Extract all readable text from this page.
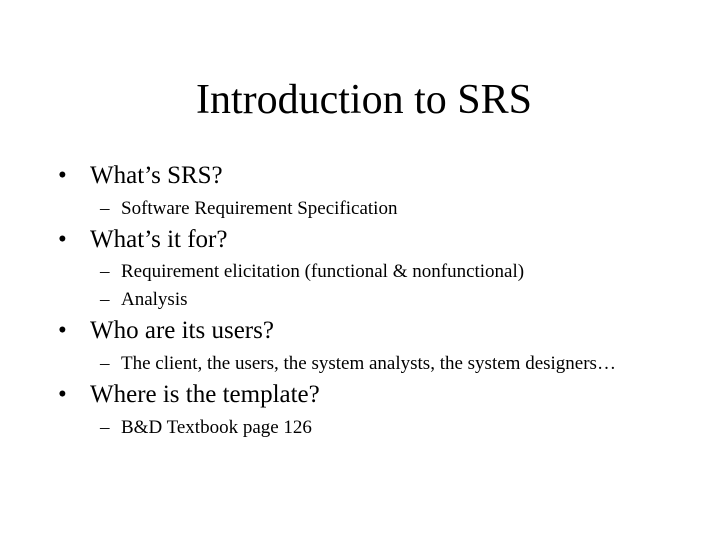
Introduction to SRS
• What’s SRS?
– Software Requirement Specification
• What’s it for?
– Requirement elicitation (functional & nonfunctional)
– Analysis
• Who are its users?
– The client, the users, the system analysts, the system designers…
• Where is the template?
– B&D Textbook page 126
